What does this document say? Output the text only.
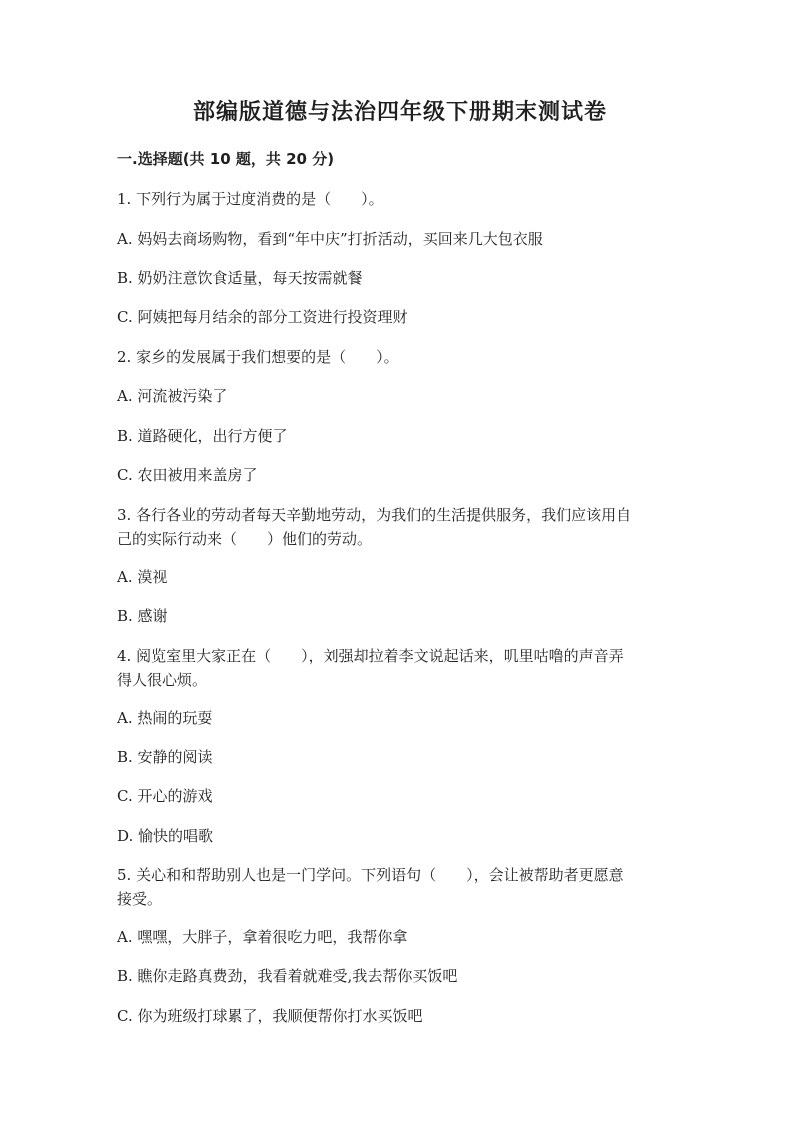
部编版道德与法治四年级下册期末测试卷
一.选择题(共 10 题，共 20 分)
1. 下列行为属于过度消费的是（　　）。
A. 妈妈去商场购物，看到“年中庆”打折活动，买回来几大包衣服
B. 奶奶注意饮食适量，每天按需就餐
C. 阿姨把每月结余的部分工资进行投资理财
2. 家乡的发展属于我们想要的是（　　）。
A. 河流被污染了
B. 道路硬化，出行方便了
C. 农田被用来盖房了
3. 各行各业的劳动者每天辛勤地劳动，为我们的生活提供服务，我们应该用自
己的实际行动来（　　）他们的劳动。
A. 漠视
B. 感谢
4. 阅览室里大家正在（　　），刘强却拉着李文说起话来，叽里咕噜的声音弄
得人很心烦。
A. 热闹的玩耍
B. 安静的阅读
C. 开心的游戏
D. 愉快的唱歌
5. 关心和和帮助别人也是一门学问。下列语句（　　），会让被帮助者更愿意
接受。
A. 嘿嘿，大胖子，拿着很吃力吧，我帮你拿
B. 瞧你走路真费劲，我看着就难受,我去帮你买饭吧
C. 你为班级打球累了，我顺便帮你打水买饭吧
